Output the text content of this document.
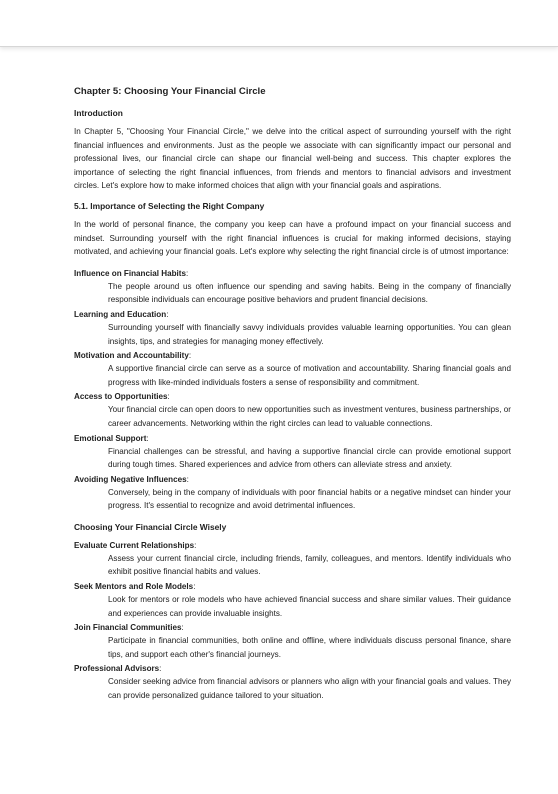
Chapter 5: Choosing Your Financial Circle
Introduction
In Chapter 5, "Choosing Your Financial Circle," we delve into the critical aspect of surrounding yourself with the right financial influences and environments. Just as the people we associate with can significantly impact our personal and professional lives, our financial circle can shape our financial well-being and success. This chapter explores the importance of selecting the right financial influences, from friends and mentors to financial advisors and investment circles. Let's explore how to make informed choices that align with your financial goals and aspirations.
5.1. Importance of Selecting the Right Company
In the world of personal finance, the company you keep can have a profound impact on your financial success and mindset. Surrounding yourself with the right financial influences is crucial for making informed decisions, staying motivated, and achieving your financial goals. Let's explore why selecting the right financial circle is of utmost importance:
Influence on Financial Habits:
The people around us often influence our spending and saving habits. Being in the company of financially responsible individuals can encourage positive behaviors and prudent financial decisions.
Learning and Education:
Surrounding yourself with financially savvy individuals provides valuable learning opportunities. You can glean insights, tips, and strategies for managing money effectively.
Motivation and Accountability:
A supportive financial circle can serve as a source of motivation and accountability. Sharing financial goals and progress with like-minded individuals fosters a sense of responsibility and commitment.
Access to Opportunities:
Your financial circle can open doors to new opportunities such as investment ventures, business partnerships, or career advancements. Networking within the right circles can lead to valuable connections.
Emotional Support:
Financial challenges can be stressful, and having a supportive financial circle can provide emotional support during tough times. Shared experiences and advice from others can alleviate stress and anxiety.
Avoiding Negative Influences:
Conversely, being in the company of individuals with poor financial habits or a negative mindset can hinder your progress. It's essential to recognize and avoid detrimental influences.
Choosing Your Financial Circle Wisely
Evaluate Current Relationships:
Assess your current financial circle, including friends, family, colleagues, and mentors. Identify individuals who exhibit positive financial habits and values.
Seek Mentors and Role Models:
Look for mentors or role models who have achieved financial success and share similar values. Their guidance and experiences can provide invaluable insights.
Join Financial Communities:
Participate in financial communities, both online and offline, where individuals discuss personal finance, share tips, and support each other's financial journeys.
Professional Advisors:
Consider seeking advice from financial advisors or planners who align with your financial goals and values. They can provide personalized guidance tailored to your situation.
